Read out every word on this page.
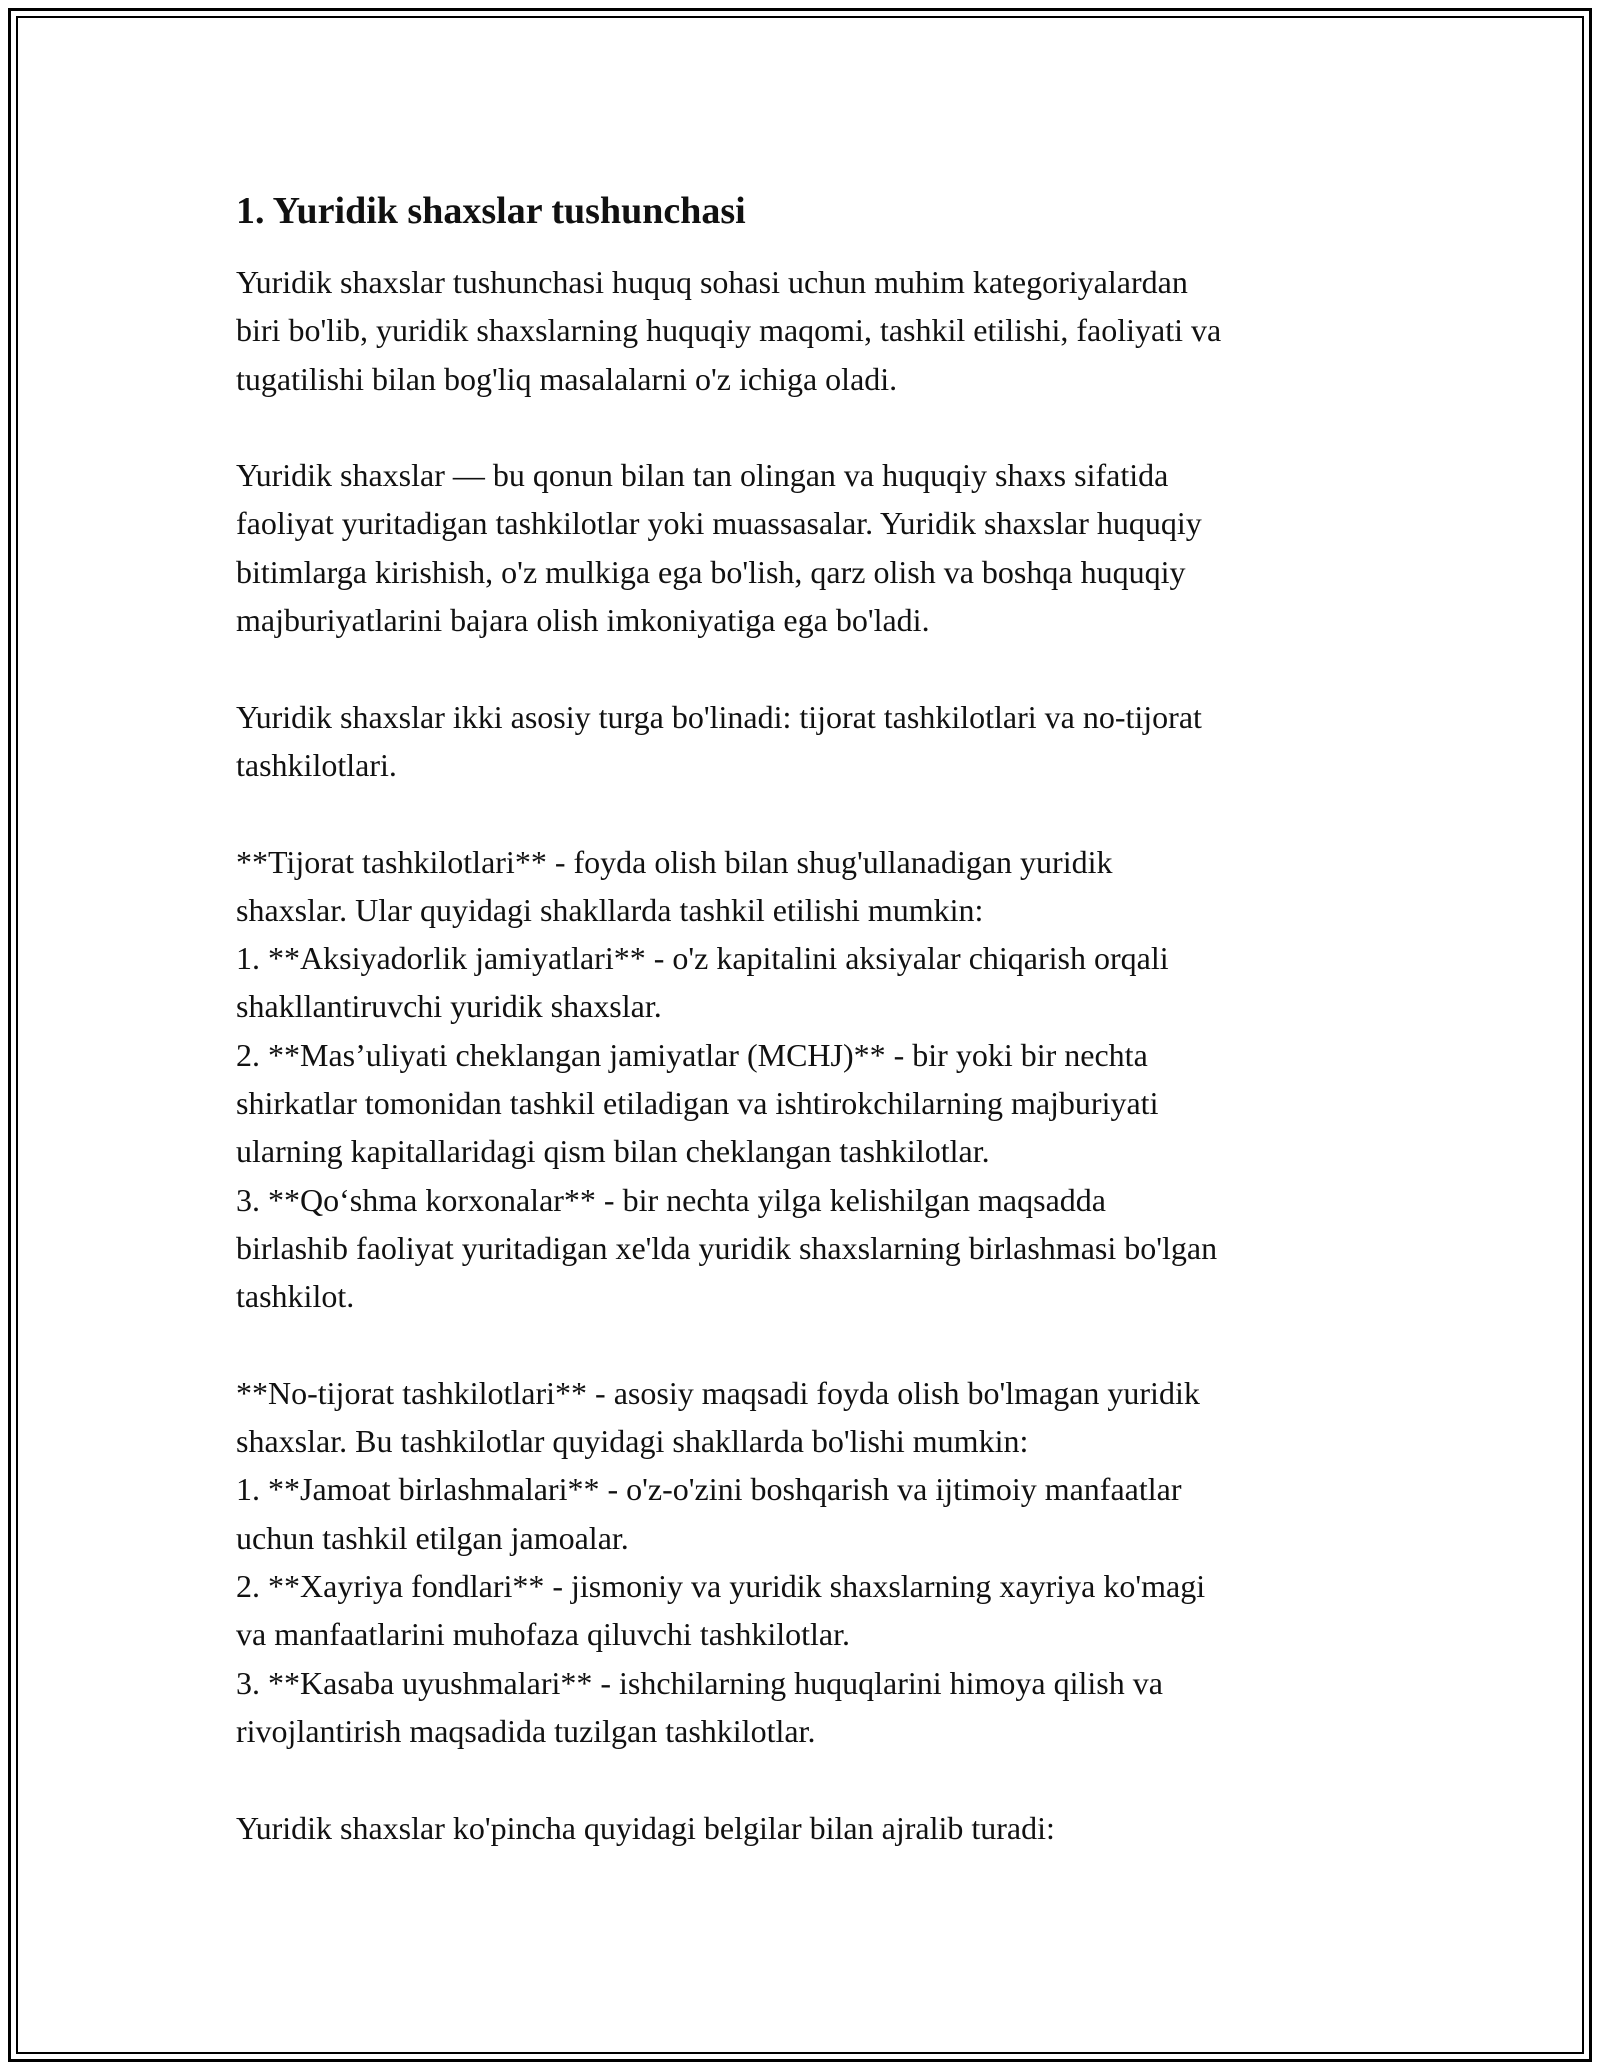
1. Yuridik shaxslar tushunchasi

Yuridik shaxslar tushunchasi huquq sohasi uchun muhim kategoriyalardan
biri bo'lib, yuridik shaxslarning huquqiy maqomi, tashkil etilishi, faoliyati va
tugatilishi bilan bog'liq masalalarni o'z ichiga oladi.

Yuridik shaxslar — bu qonun bilan tan olingan va huquqiy shaxs sifatida
faoliyat yuritadigan tashkilotlar yoki muassasalar. Yuridik shaxslar huquqiy
bitimlarga kirishish, o'z mulkiga ega bo'lish, qarz olish va boshqa huquqiy
majburiyatlarini bajara olish imkoniyatiga ega bo'ladi.

Yuridik shaxslar ikki asosiy turga bo'linadi: tijorat tashkilotlari va no-tijorat
tashkilotlari.

**Tijorat tashkilotlari** - foyda olish bilan shug'ullanadigan yuridik
shaxslar. Ular quyidagi shakllarda tashkil etilishi mumkin:
1. **Aksiyadorlik jamiyatlari** - o'z kapitalini aksiyalar chiqarish orqali
shakllantiruvchi yuridik shaxslar.
2. **Mas’uliyati cheklangan jamiyatlar (MCHJ)** - bir yoki bir nechta
shirkatlar tomonidan tashkil etiladigan va ishtirokchilarning majburiyati
ularning kapitallaridagi qism bilan cheklangan tashkilotlar.
3. **Qo‘shma korxonalar** - bir nechta yilga kelishilgan maqsadda
birlashib faoliyat yuritadigan xe'lda yuridik shaxslarning birlashmasi bo'lgan
tashkilot.

**No-tijorat tashkilotlari** - asosiy maqsadi foyda olish bo'lmagan yuridik
shaxslar. Bu tashkilotlar quyidagi shakllarda bo'lishi mumkin:
1. **Jamoat birlashmalari** - o'z-o'zini boshqarish va ijtimoiy manfaatlar
uchun tashkil etilgan jamoalar.
2. **Xayriya fondlari** - jismoniy va yuridik shaxslarning xayriya ko'magi
va manfaatlarini muhofaza qiluvchi tashkilotlar.
3. **Kasaba uyushmalari** - ishchilarning huquqlarini himoya qilish va
rivojlantirish maqsadida tuzilgan tashkilotlar.

Yuridik shaxslar ko'pincha quyidagi belgilar bilan ajralib turadi:
